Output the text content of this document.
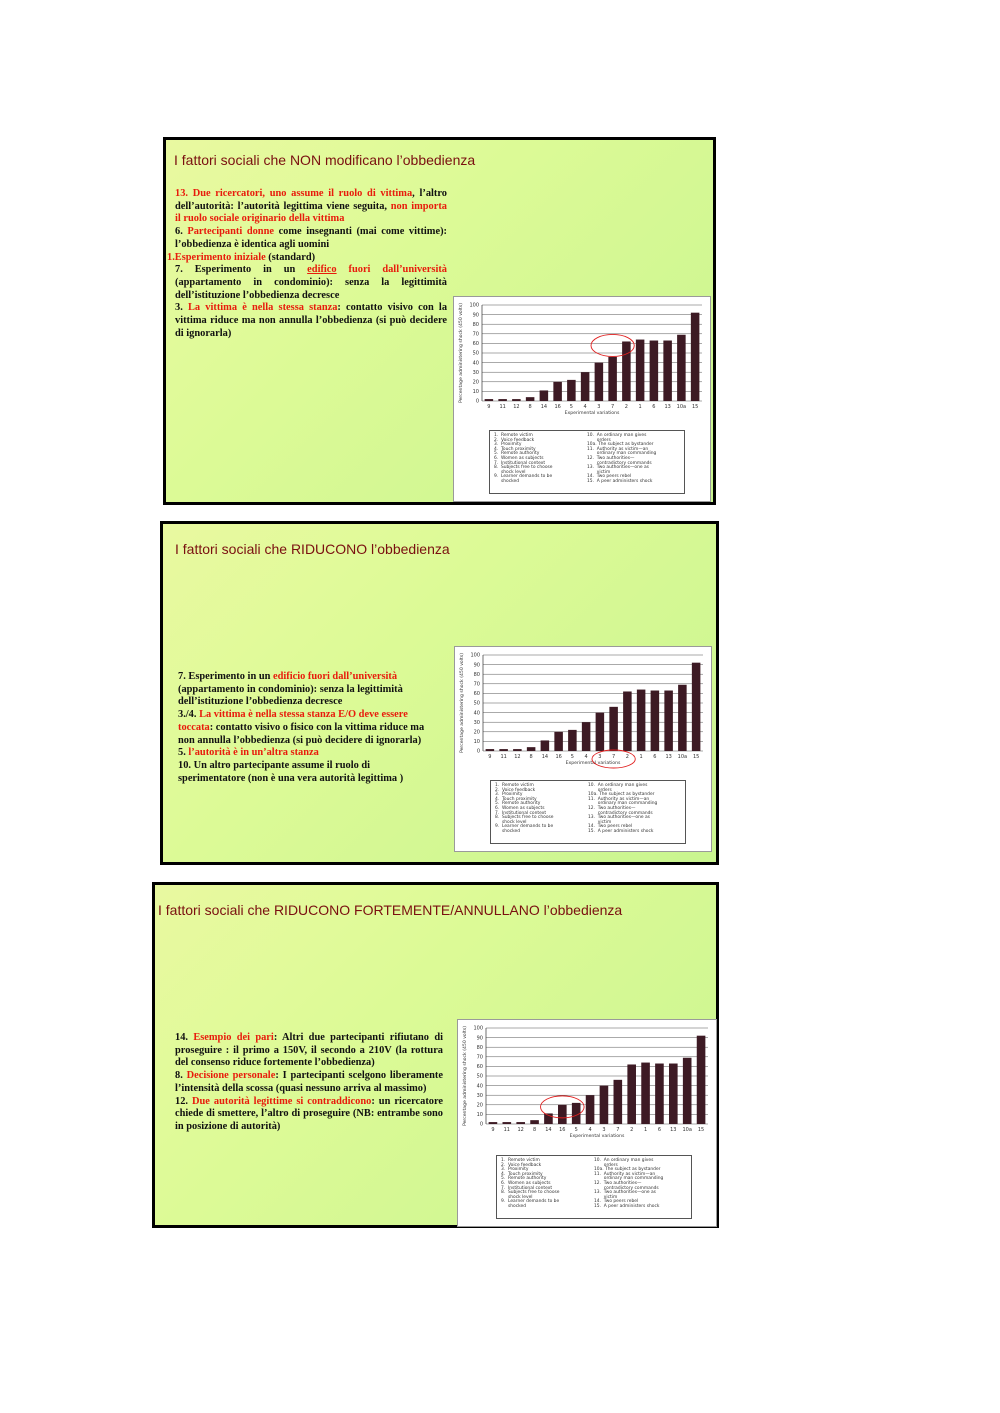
I fattori sociali che NON modificano l’obbedienza

13. Due ricercatori, uno assume il ruolo di vittima, l’altro dell’autorità: l’autorità legittima viene seguita, non importa il ruolo sociale originario della vittima

6. Partecipanti donne come insegnanti (mai come vittime): l’obbedienza è identica agli uomini

1.Esperimento iniziale (standard)

7. Esperimento in un edifico fuori dall’università (appartamento in condominio): senza la legittimità dell’istituzione l’obbedienza decresce

3. La vittima è nella stessa stanza: contatto visivo con la vittima riduce ma non annulla l’obbedienza (si può decidere di ignorarla)	Percentage administering shock (450 volts) 0
10
20
30
40
50
60
70
80
90
100
9 11 12 8 14 16 5 4 3 7 2 1 6 13 10a 15
Experimental variations
1.  Remote victim
2.  Voice feedback
3.  Proximity
4.  Touch proximity
5.  Remote authority
6.  Women as subjects
7.  Institutional context
8.  Subjects free to choose
shock level
9.  Learner demands to be
shocked
10.  An ordinary man gives
orders
10a. The subject as bystander
11.  Authority as victim—an
ordinary man commanding
12.  Two authorities—
contradictory commands
13.  Two authorities—one as
victim
14.  Two peers rebel
15.  A peer administers shock
I fattori sociali che RIDUCONO l’obbedienza

7. Esperimento in un edificio fuori dall’università (appartamento in condominio): senza la legittimità dell’istituzione l’obbedienza decresce

3./4. La vittima è nella stessa stanza E/O deve essere toccata: contatto visivo o fisico con la vittima riduce ma non annulla l’obbedienza (si può decidere di ignorarla)

5. l’autorità è in un’altra stanza

10. Un altro partecipante assume il ruolo di sperimentatore (non è una vera autorità legittima )

Percentage administering shock (450 volts) 0
10
20
30
40
50
60
70
80
90
100
9 11 12 8 14 16 5 4 3 7 2 1 6 13 10a 15
Experimental variations
1.  Remote victim
2.  Voice feedback
3.  Proximity
4.  Touch proximity
5.  Remote authority
6.  Women as subjects
7.  Institutional context
8.  Subjects free to choose
shock level
9.  Learner demands to be
shocked
10.  An ordinary man gives
orders
10a. The subject as bystander
11.  Authority as victim—an
ordinary man commanding
12.  Two authorities—
contradictory commands
13.  Two authorities—one as
victim
14.  Two peers rebel
15.  A peer administers shock
I fattori sociali che RIDUCONO FORTEMENTE/ANNULLANO l’obbedienza

14. Esempio dei pari: Altri due partecipanti rifiutano di proseguire : il primo a 150V, il secondo a 210V (la rottura del consenso riduce fortemente l’obbedienza)

8. Decisione personale: I partecipanti scelgono liberamente l’intensità della scossa (quasi nessuno arriva al massimo)

12. Due autorità legittime si contraddicono: un ricercatore chiede di smettere, l’altro di proseguire (NB: entrambe sono in posizione di autorità)

Percentage administering shock (450 volts) 0
10
20
30
40
50
60
70
80
90
100
9 11 12 8 14 16 5 4 3 7 2 1 6 13 10a 15
Experimental variations
1.  Remote victim
2.  Voice feedback
3.  Proximity
4.  Touch proximity
5.  Remote authority
6.  Women as subjects
7.  Institutional context
8.  Subjects free to choose
shock level
9.  Learner demands to be
shocked
10.  An ordinary man gives
orders
10a. The subject as bystander
11.  Authority as victim—an
ordinary man commanding
12.  Two authorities—
contradictory commands
13.  Two authorities—one as
victim
14.  Two peers rebel
15.  A peer administers shock
